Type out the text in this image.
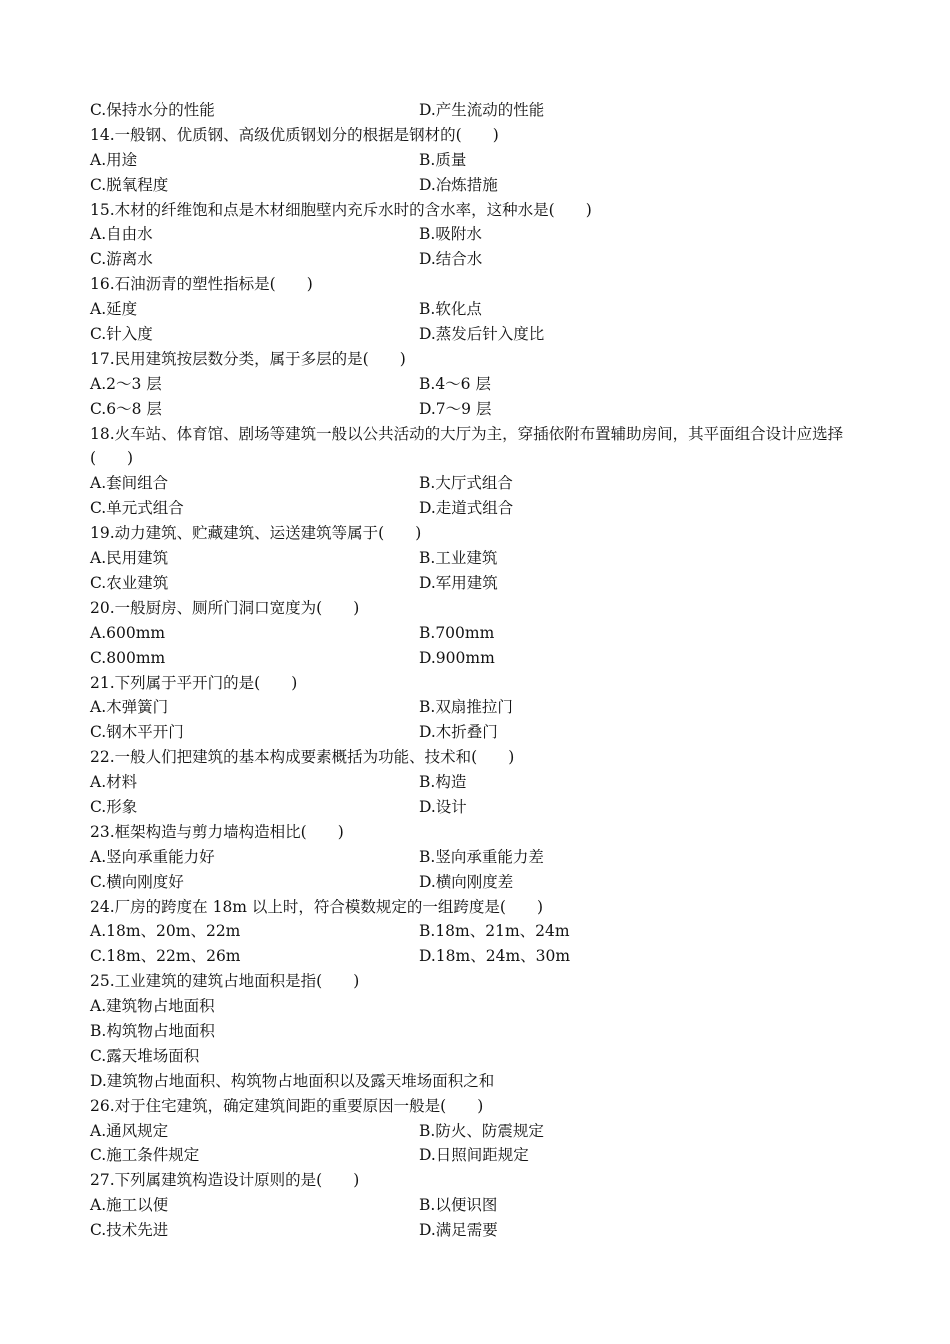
C.保持水分的性能	D.产生流动的性能
14.一般钢、优质钢、高级优质钢划分的根据是钢材的(　　)
A.用途	B.质量
C.脱氧程度	D.冶炼措施
15.木材的纤维饱和点是木材细胞壁内充斥水时的含水率，这种水是(　　)
A.自由水	B.吸附水
C.游离水	D.结合水
16.石油沥青的塑性指标是(　　)
A.延度	B.软化点
C.针入度	D.蒸发后针入度比
17.民用建筑按层数分类，属于多层的是(　　)
A.2～3 层	B.4～6 层
C.6～8 层	D.7～9 层
18.火车站、体育馆、剧场等建筑一般以公共活动的大厅为主，穿插依附布置辅助房间，其平面组合设计应选择(　　)
A.套间组合	B.大厅式组合
C.单元式组合	D.走道式组合
19.动力建筑、贮藏建筑、运送建筑等属于(　　)
A.民用建筑	B.工业建筑
C.农业建筑	D.军用建筑
20.一般厨房、厕所门洞口宽度为(　　)
A.600mm	B.700mm
C.800mm	D.900mm
21.下列属于平开门的是(　　)
A.木弹簧门	B.双扇推拉门
C.钢木平开门	D.木折叠门
22.一般人们把建筑的基本构成要素概括为功能、技术和(　　)
A.材料	B.构造
C.形象	D.设计
23.框架构造与剪力墙构造相比(　　)
A.竖向承重能力好	B.竖向承重能力差
C.横向刚度好	D.横向刚度差
24.厂房的跨度在 18m 以上时，符合模数规定的一组跨度是(　　)
A.18m、20m、22m	B.18m、21m、24m
C.18m、22m、26m	D.18m、24m、30m
25.工业建筑的建筑占地面积是指(　　)
A.建筑物占地面积
B.构筑物占地面积
C.露天堆场面积
D.建筑物占地面积、构筑物占地面积以及露天堆场面积之和
26.对于住宅建筑，确定建筑间距的重要原因一般是(　　)
A.通风规定	B.防火、防震规定
C.施工条件规定	D.日照间距规定
27.下列属建筑构造设计原则的是(　　)
A.施工以便	B.以便识图
C.技术先进	D.满足需要
